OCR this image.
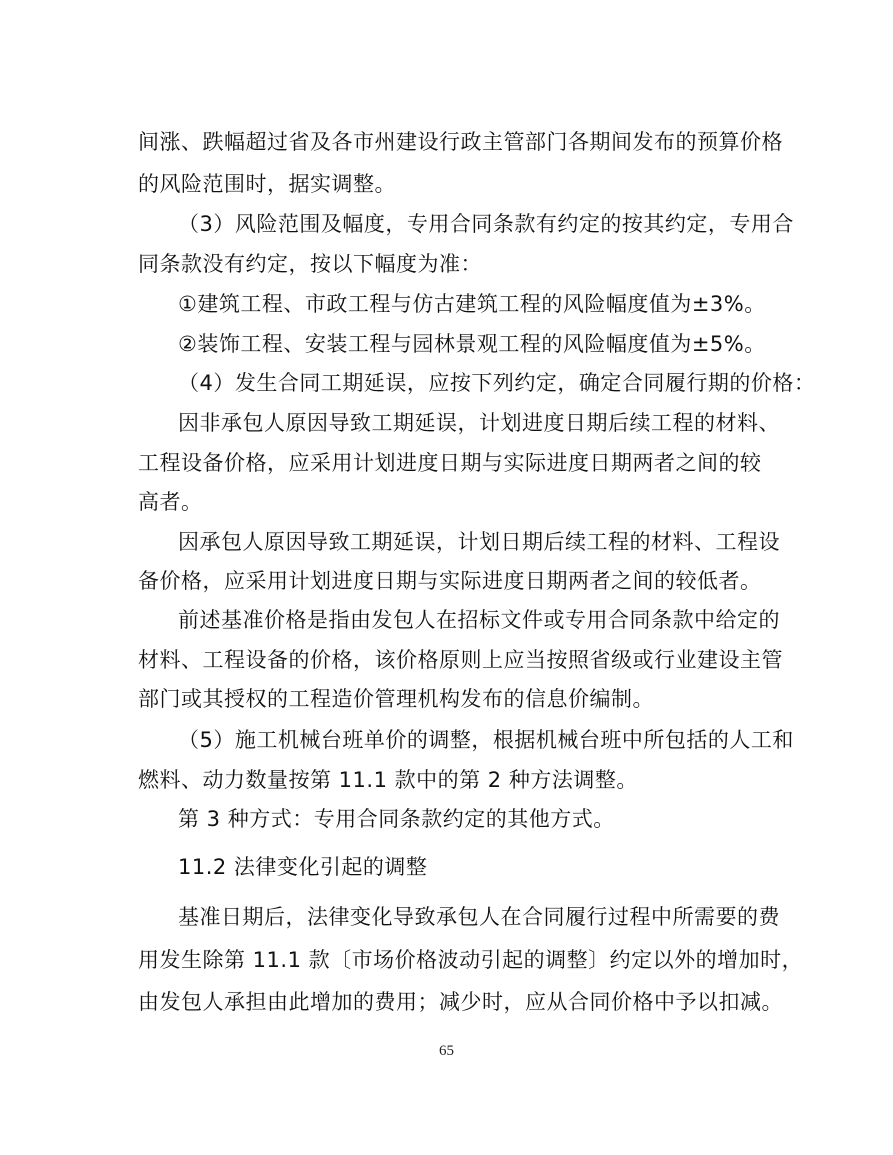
间涨、跌幅超过省及各市州建设行政主管部门各期间发布的预算价格
的风险范围时，据实调整。
（3）风险范围及幅度，专用合同条款有约定的按其约定，专用合
同条款没有约定，按以下幅度为准：
①建筑工程、市政工程与仿古建筑工程的风险幅度值为±3%。
②装饰工程、安装工程与园林景观工程的风险幅度值为±5%。
（4）发生合同工期延误，应按下列约定，确定合同履行期的价格：
因非承包人原因导致工期延误，计划进度日期后续工程的材料、
工程设备价格，应采用计划进度日期与实际进度日期两者之间的较
高者。
因承包人原因导致工期延误，计划日期后续工程的材料、工程设
备价格，应采用计划进度日期与实际进度日期两者之间的较低者。
前述基准价格是指由发包人在招标文件或专用合同条款中给定的
材料、工程设备的价格，该价格原则上应当按照省级或行业建设主管
部门或其授权的工程造价管理机构发布的信息价编制。
（5）施工机械台班单价的调整，根据机械台班中所包括的人工和
燃料、动力数量按第 11.1 款中的第 2 种方法调整。
第 3 种方式：专用合同条款约定的其他方式。
11.2 法律变化引起的调整
基准日期后，法律变化导致承包人在合同履行过程中所需要的费
用发生除第 11.1 款〔市场价格波动引起的调整〕约定以外的增加时，
由发包人承担由此增加的费用；减少时，应从合同价格中予以扣减。
65
